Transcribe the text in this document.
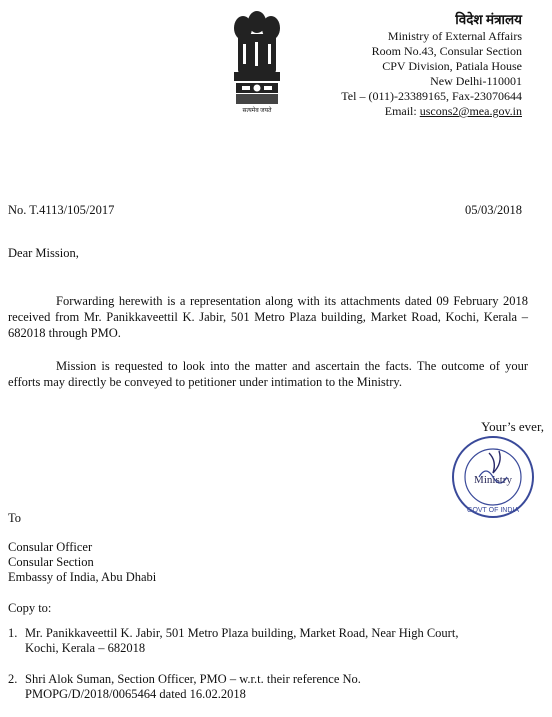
सत्यमेव जयते
विदेश मंत्रालय
Ministry of External Affairs
Room No.43, Consular Section
CPV Division, Patiala House
New Delhi-110001
Tel – (011)-23389165, Fax-23070644
Email: uscons2@mea.gov.in
No. T.4113/105/2017	05/03/2018
Dear Mission,
Forwarding herewith is a representation along with its attachments dated 09 February 2018 received from Mr. Panikkaveettil K. Jabir, 501 Metro Plaza building, Market Road, Kochi, Kerala – 682018 through PMO.
Mission is requested to look into the matter and ascertain the facts. The outcome of your efforts may directly be conveyed to petitioner under intimation to the Ministry.
Your’s ever,
Ministry
GOVT OF INDIA
To
Consular Officer
Consular Section
Embassy of India, Abu Dhabi
Copy to:
1. Mr. Panikkaveettil K. Jabir, 501 Metro Plaza building, Market Road, Near High Court,
Kochi, Kerala – 682018
2. Shri Alok Suman, Section Officer, PMO – w.r.t. their reference No.
PMOPG/D/2018/0065464 dated 16.02.2018
